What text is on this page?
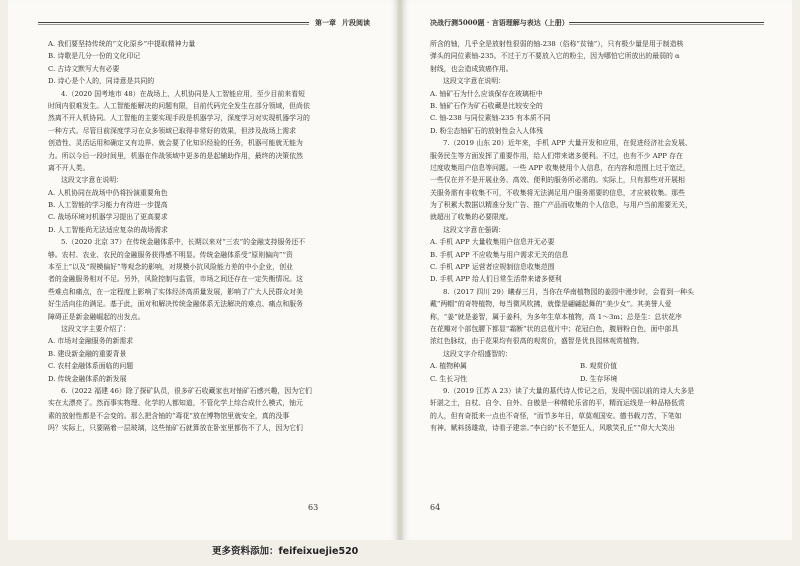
第一章 片段阅读
A. 我们要坚持传统的“文化原乡”中提取精神力量
B. 诗歌是几分一份的文化印记
C. 古诗文默写大有必要
D. 诗心是个人的，同诗意是共同的
4.（2020 国考地市 48）在战场上，人机协同是人工智能应用，至少目前来看短
时间内很难发生。人工智能能解决的问题有限，目前代码完全发生在部分领域，但尚依
然离不开人机协同。人工智能的主要实现手段是机器学习，深度学习对实现机器学习的
一种方式。尽管目前深度学习在众多领域已取得非常好的效果，但涉及战场上需求
创造性、灵活运用和确定又有边界、就会要了化知识经验的任务，机器可能就无能为
力。所以今后一段时间里，机器在作战领域中更多的是起辅助作用，最终的决策依然
离不开人类。
这段文字意在说明：
A. 人机协同在战场中仍将扮演重要角色
B. 人工智能的学习能力有待进一步提高
C. 战场环境对机器学习提出了更高要求
D. 人工智能尚无法适应复杂的战场需求
5.（2020 北京 37）在传统金融体系中，长期以来对“三农”的金融支持服务还不
够。农村、农业、农民的金融服务获得感不明显。传统金融体系受“原则偏向”“资
本至上”以及“规模偏好”等观念的影响，对规模小抗风险能力差的中小企业，创业
者的金融服务相对不足。另外，风险控制与监管，市场之间还存在一定失衡情况。这
些难点和痛点，在一定程度上影响了实体经济高质量发展，影响了广大人民群众对美
好生活向往的满足。基于此，面对和解决传统金融体系无法解决的难点、痛点和服务
障碍正是新金融崛起的出发点。
这段文字主要介绍了：
A. 市场对金融服务的新需求
B. 建设新金融的重要背景
C. 农村金融体系面临的问题
D. 传统金融体系的新发展
6.（2022 福建 46）除了探矿队员，很多矿石收藏家也对铀矿石感兴趣，因为它们
实在太漂亮了。然而事实物理、化学的人都知道，不管化学上综合成什么模式，铀元
素的放射性都是不会变的。那么把含铀的“毒花”放在博物馆里就安全，真的没事
吗？实际上，只要隔着一层玻璃，这些铀矿石就算放在卧室里都伤不了人，因为它们
63
决战行测5000题 · 言语理解与表达（上册）
所含的铀，几乎全是放射性很弱的铀-238（俗称“贫铀”），只有极少量是用于制造核
弹头的同位素铀-235。不过于万不要放入它的粉尘，因为哪怕它所放出的最弱的 α
射线，也会造成致癌作用。
这段文字意在说明：
A. 铀矿石为什么应该保存在玻璃柜中
B. 铀矿石作为矿石收藏是比较安全的
C. 铀-238 与同位素铀-235 有本质不同
D. 粉尘态铀矿石的放射性会入人体残
7.（2019 山东 20）近年来，手机 APP 大量开发和应用，在促进经济社会发展、
服务民生等方面发挥了重要作用，给人们带来诸多便利。不过，也有不少 APP 存在
过度收集用户信息等问题。一些 APP 收集使用个人信息，在内容和范围上过于宽泛，
一些仅在并不是开展业务、高效、便利的服务所必需的。实际上，只有那些对开展相
关服务需有非收集不可，不收集将无法满足用户服务需要的信息，才应被收集。那些
为了积累大数据以精准分发广告、推广产品而收集的个人信息，与用户当前需要无关，
就超出了收集的必要限度。
这段文字意在强调：
A. 手机 APP 大量收集用户信息并无必要
B. 手机 APP 不应收集与用户需求无关的信息
C. 手机 APP 运营者应规制信息收集范围
D. 手机 APP 给人们日常生活带来诸多便利
8.（2017 四川 29）曦春三月，当你在华南植物园的姜园中漫步时，会看到一种头
戴“两帽”的奇特植物，每当微风吹拂，就像是翩翩起舞的“美少女”。其美誉人爱
称，“姜”就是姜智，属于姜科，为多年生草本植物，高 1～3m；总是生：总状花序
在花瓣对个部包腰下都显“霜断”状的总苞片中；花冠白色，腹唇粉白色，面中部具
浓红色脉纹，由于花果均有很高的观赏价，盛智是优良园林观赏植物。
这段文字介绍盛智的：
A. 植物种属	B. 观赏价值
C. 生长习性	D. 生存环境
9.（2019 江苏 A 23）读了大量的墓代诗人传记之后，发现中国以前的诗人大多是
轩湛之士，自杖、自令、自外、自傲是一种精轮乐省的平，精而运线是一种品格低赏
的人，但有奇抵来一点也不奇怪，“而节多年日，草莫观国安。德书载刀苦，下笔如
有神。赋料扬雄敌，诗看子建亲。”李白的“长不楚狂人，风歌笑孔丘”“仰大大笑出
64
更多资料添加：feifeixuejie520
